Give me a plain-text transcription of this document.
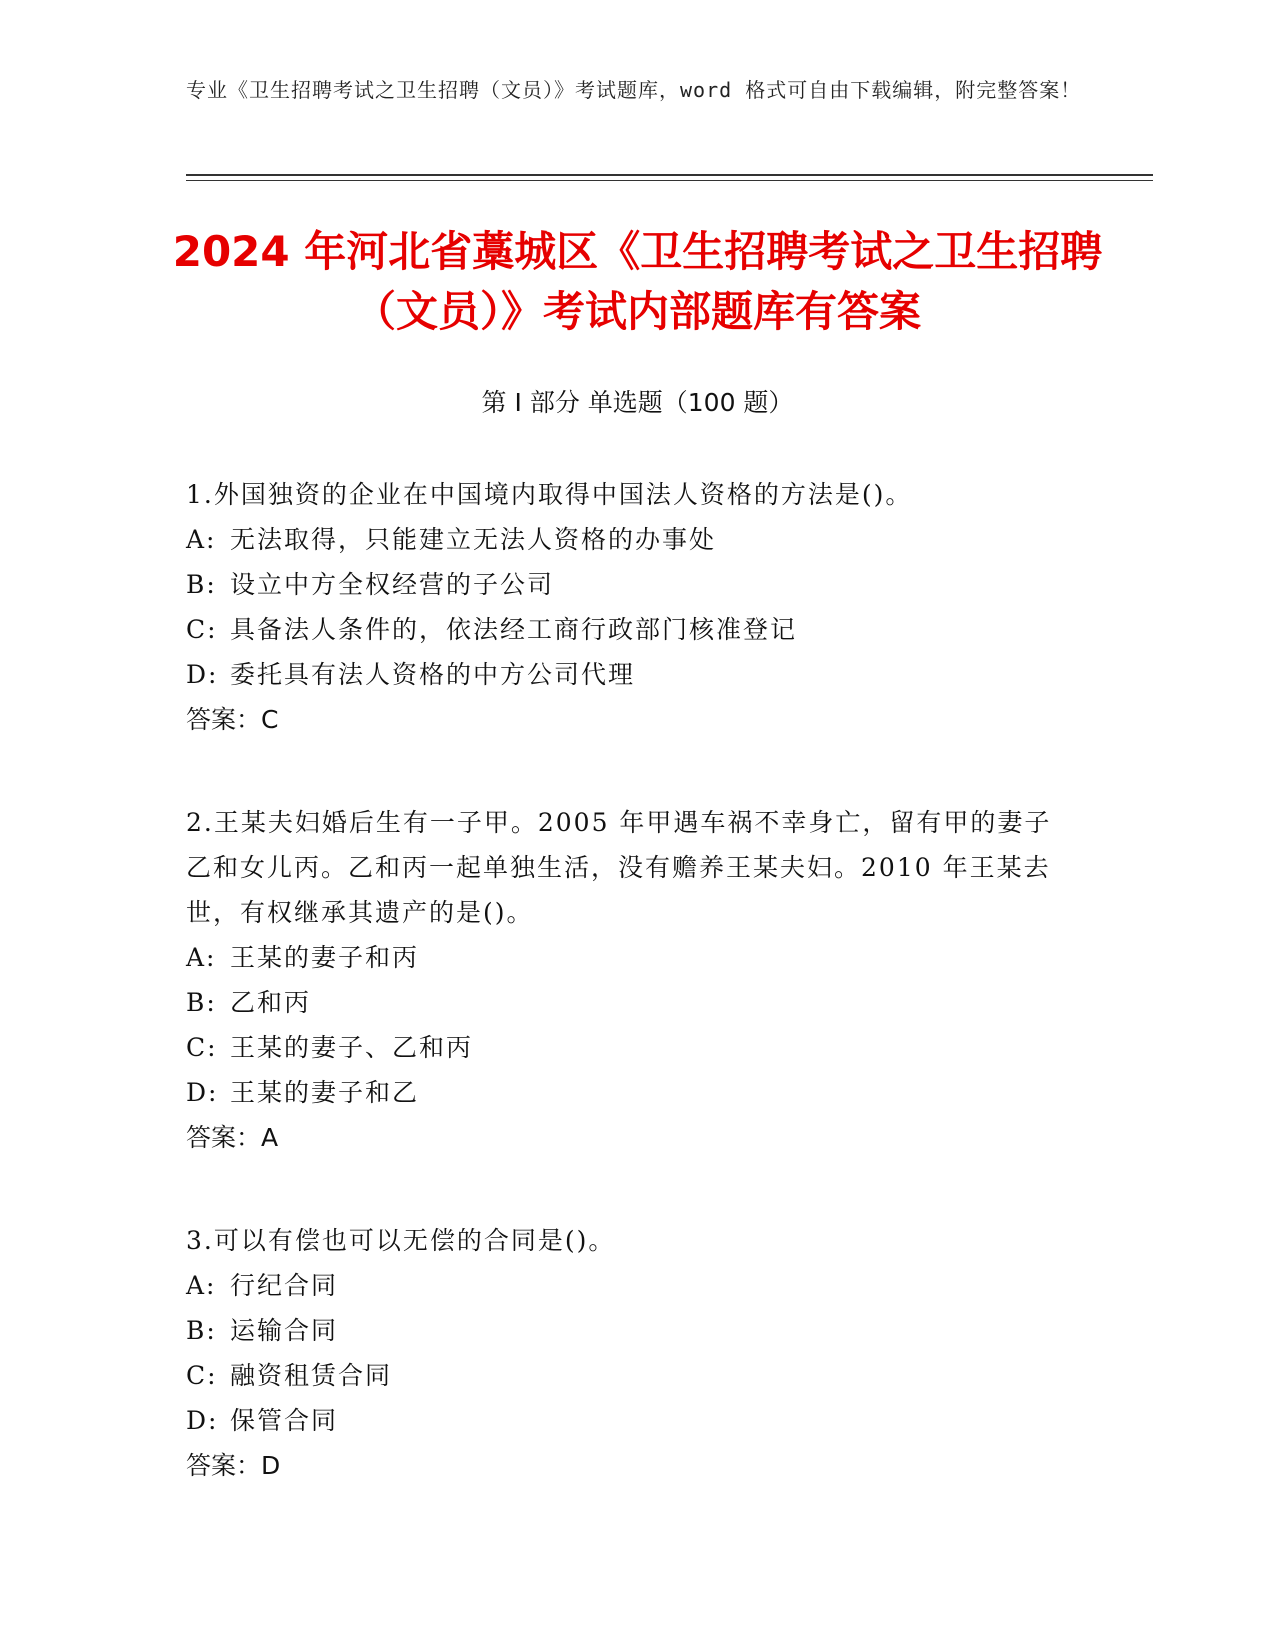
专业《卫生招聘考试之卫生招聘（文员）》考试题库，word 格式可自由下载编辑，附完整答案！
2024 年河北省藁城区《卫生招聘考试之卫生招聘（文员）》考试内部题库有答案
第 I 部分 单选题（100 题）

1.外国独资的企业在中国境内取得中国法人资格的方法是()。

A: 无法取得，只能建立无法人资格的办事处

B: 设立中方全权经营的子公司

C: 具备法人条件的，依法经工商行政部门核准登记

D: 委托具有法人资格的中方公司代理

答案：C

2.王某夫妇婚后生有一子甲。2005 年甲遇车祸不幸身亡，留有甲的妻子乙和女儿丙。乙和丙一起单独生活，没有赡养王某夫妇。2010 年王某去世，有权继承其遗产的是()。

A: 王某的妻子和丙

B: 乙和丙

C: 王某的妻子、乙和丙

D: 王某的妻子和乙

答案：A

3.可以有偿也可以无偿的合同是()。

A: 行纪合同

B: 运输合同

C: 融资租赁合同

D: 保管合同

答案：D
